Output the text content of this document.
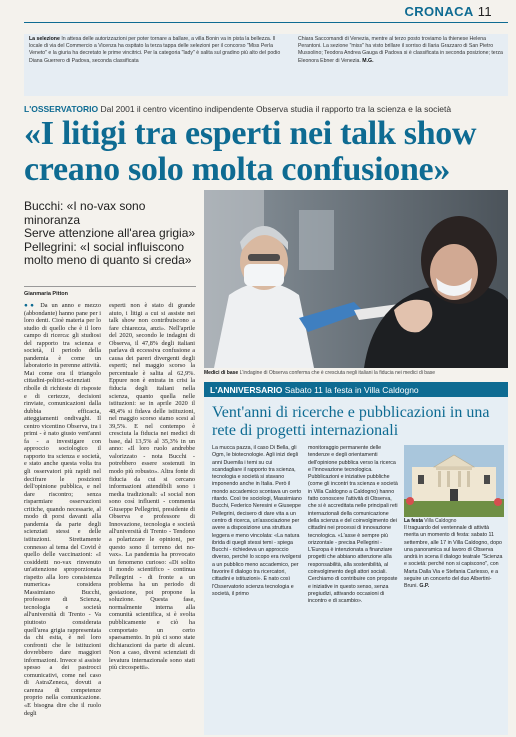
CRONACA 11
La selezione In attesa delle autorizzazioni per poter tornare a ballare, a villa Bonin va in pista la bellezza. Il locale di via del Commercio a Vicenza ha ospitato la terza tappa delle selezioni per il concorso "Miss Perla Veneto" e la giuria ha decretato le prime vincitrici. Per la categoria "lady" è salita sul gradino più alto del podio Diana Guerrero di Padova, seconda classificata
Chiara Saccomandi di Venezia, mentre al terzo posto troviamo la thienese Helena Perantoni. La sezione "miss" ha visto brillare il sorriso di Ilaria Grazzaro di San Pietro Mussolino; Teodora Andrea Gauga di Padova si è classificata in seconda posizione; terza Eleonora Ebner di Venezia. M.G.
L'OSSERVATORIO Dal 2001 il centro vicentino indipendente Observa studia il rapporto tra la scienza e la società
«I litigi tra esperti nei talk show creano solo molta confusione»
Bucchi: «I no-vax sono minoranza
Serve attenzione all'area grigia»
Pellegrini: «I social influiscono
molto meno di quanto si creda»
Gianmaria Pitton
●● Da un anno e mezzo (abbondante) hanno pane per i loro denti. Cioè materia per lo studio di quello che è il loro campo di ricerca: gli studiosi del rapporto tra scienza e società, il periodo della pandemia è come un laboratorio in perenne attività. Mai come ora il triangolo cittadini-politici-scienziati ribolle di richieste di risposte e di certezze, decisioni rinviate, comunicazioni dalla dubbia efficacia, atteggiamenti ondivaghi. Il centro vicentino Observa, tra i primi - è nato giusto vent'anni fa - a investigare con approccio sociologico il rapporto tra scienza e società, e stato anche questa volta tra gli osservatori più rapidi nel decifrare le posizioni dell'opinione pubblica, e nel dare riscontro; senza risparmiare osservazioni critiche, quando necessarie, al modo di porsi davanti alla pandemia da parte degli scienziati stessi e delle istituzioni. Strettamente connesso al tema del Covid è quello delle vaccinazioni: «I cosiddetti no-vax rinvenuto un'attenzione sproporzionata rispetto alla loro consistenza numerica» considera Massimiano Bucchi, professore di Scienza, tecnologia e società all'università di Trento - Va piuttosto considerata quell'area grigia rappresentata da chi esita, è nel loro confronti che le istituzioni dovrebbero dare maggiori informazioni. Invece si assiste spesso a dei pastrocci comunicativi, come nel caso di AstraZeneca, dovuti a carenza di competenze proprio nella comunicazione. «E bisogna dire che il ruolo degli
esperti non è stato di grande aiuto, i litigi a cui si assiste nei talk show non contribuiscono a fare chiarezza, anzi». Nell'aprile del 2020, secondo le indagini di Observa, il 47,8% degli italiani parlava di eccessiva confusione a causa dei pareri divergenti degli esperti; nel maggio scorso la percentuale è salita al 62,9%. Eppure non è entrata in crisi la fiducia degli italiani nella scienza, quanto quella nelle istituzioni: se in aprile 2020 il 48,4% si fidava delle istituzioni, nel maggio scorso siamo scesi al 39,5%. E nel contempo è cresciuta la fiducia nei medici di base, dal 13,5% al 35,3% in un anno: «Il loro ruolo andrebbe valorizzato - nota Bucchi - potrebbero essere sostenuti in modo più robusto». Altra fonte di fiducia da cui si cercano informazioni attendibili sono i media tradizionali: «I social non sono così influenti - commenta Giuseppe Pellegrini, presidente di Observa e professore di Innovazione, tecnologia e società all'università di Trento - Tendono a polarizzare le opinioni, per questo sono il terreno dei no-vax». La pandemia ha provocato un fenomeno curioso: «Di solito il mondo scientifico - continua Pellegrini - di fronte a un problema ha un periodo di gestazione, poi propone la soluzione. Questa fase, normalmente interna alla comunità scientifica, si è svolta pubblicamente e ciò ha comportato un certo spaesamento. In più ci sono state dichiarazioni da parte di alcuni. Non a caso, diversi scienziati di levatura internazionale sono stati più circospetti».
Medici di base L'indagine di Observa conferma che è cresciuta negli italiani la fiducia nei medici di base
L'ANNIVERSARIO Sabato 11 la festa in Villa Caldogno
Vent'anni di ricerche e pubblicazioni in una rete di progetti internazionali
La mucca pazza, il caso Di Bella, gli Ogm, le biotecnologie. Agli inizi degli anni Duemila i temi su cui scandagliare il rapporto tra scienza, tecnologia e società si stavano imponendo anche in Italia. Però il mondo accademico scontava un certo ritardo. Così tre sociologi, Massimiano Bucchi, Federico Neresini e Giuseppe Pellegrini, decisero di dare vita a un centro di ricerca, un'associazione per avere a disposizione una struttura leggera e meno vincolata: «La natura ibrida di quegli stessi temi - spiega Bucchi - richiedeva un approccio diverso, perché lo scopo era rivolgersi a un pubblico meno accademico, per favorire il dialogo tra ricercatori, cittadini e istituzioni». È nato così l'Osservatorio scienza tecnologia e società, il primo
monitoraggio permanente delle tendenze e degli orientamenti dell'opinione pubblica verso la ricerca e l'innovazione tecnologica. Pubblicazioni e iniziative pubbliche (come gli incontri tra scienza e società in Villa Caldogno a Caldogno) hanno fatto conoscere l'attività di Observa, che si è accreditata nelle principali reti internazionali della comunicazione della scienza e del coinvolgimento dei cittadini nei processi di innovazione tecnologica. «L'asse è sempre più orizzontale - precisa Pellegrini - L'Europa è intenzionata a finanziare progetti che abbiano attenzione alla responsabilità, alla sostenibilità, al coinvolgimento degli attori sociali. Cerchiamo di contribuire con proposte e iniziative in questo senso, senza pregiudizi, attivando occasioni di incontro e di scambio».
La festa Villa Caldogno
Il traguardo del ventennale di attività merita un momento di festa: sabato 11 settembre, alle 17 in Villa Caldogno, dopo una panoramica sul lavoro di Observa andrà in scena il dialogo teatrale "Scienza e società: perché non si capiscono", con Marta Dalla Via e Stefania Carlesso, e a seguire un concerto del duo Albertini-Bruni. G.P.
